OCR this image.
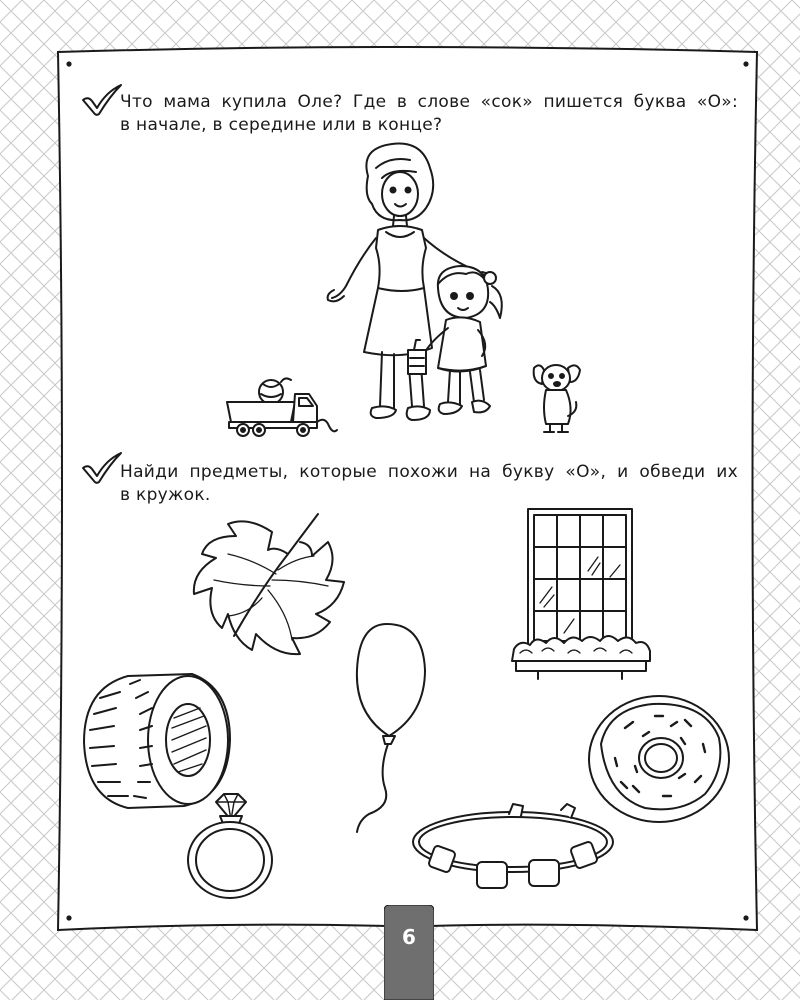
Что мама купила Оле? Где в слове «сок» пишется буква «О»:
в начале, в середине или в конце?
Найди предметы, которые похожи на букву «О», и обведи их
в кружок.
6
